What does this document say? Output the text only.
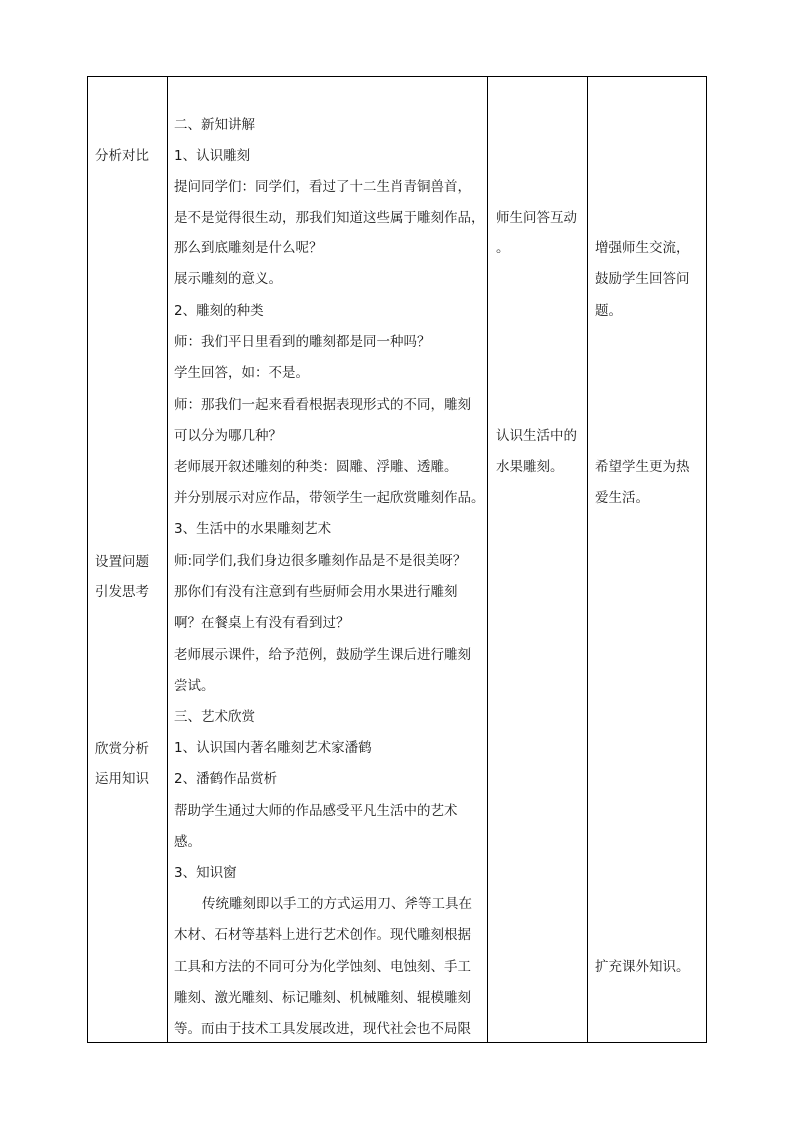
分析对比
设置问题
引发思考
欣赏分析
运用知识
二、新知讲解
1、认识雕刻
提问同学们：同学们，看过了十二生肖青铜兽首，
是不是觉得很生动，那我们知道这些属于雕刻作品，
那么到底雕刻是什么呢？
展示雕刻的意义。
2、雕刻的种类
师：我们平日里看到的雕刻都是同一种吗？
学生回答，如：不是。
师：那我们一起来看看根据表现形式的不同，雕刻
可以分为哪几种？
老师展开叙述雕刻的种类：圆雕、浮雕、透雕。
并分别展示对应作品，带领学生一起欣赏雕刻作品。
3、生活中的水果雕刻艺术
师:同学们,我们身边很多雕刻作品是不是很美呀？
那你们有没有注意到有些厨师会用水果进行雕刻
啊？在餐桌上有没有看到过？
老师展示课件，给予范例，鼓励学生课后进行雕刻
尝试。
三、艺术欣赏
1、认识国内著名雕刻艺术家潘鹤
2、潘鹤作品赏析
帮助学生通过大师的作品感受平凡生活中的艺术
感。
3、知识窗
传统雕刻即以手工的方式运用刀、斧等工具在
木材、石材等基料上进行艺术创作。现代雕刻根据
工具和方法的不同可分为化学蚀刻、电蚀刻、手工
雕刻、激光雕刻、标记雕刻、机械雕刻、辊模雕刻
等。而由于技术工具发展改进，现代社会也不局限
师生问答互动
。
认识生活中的
水果雕刻。
增强师生交流，
鼓励学生回答问
题。
希望学生更为热
爱生活。
扩充课外知识。
